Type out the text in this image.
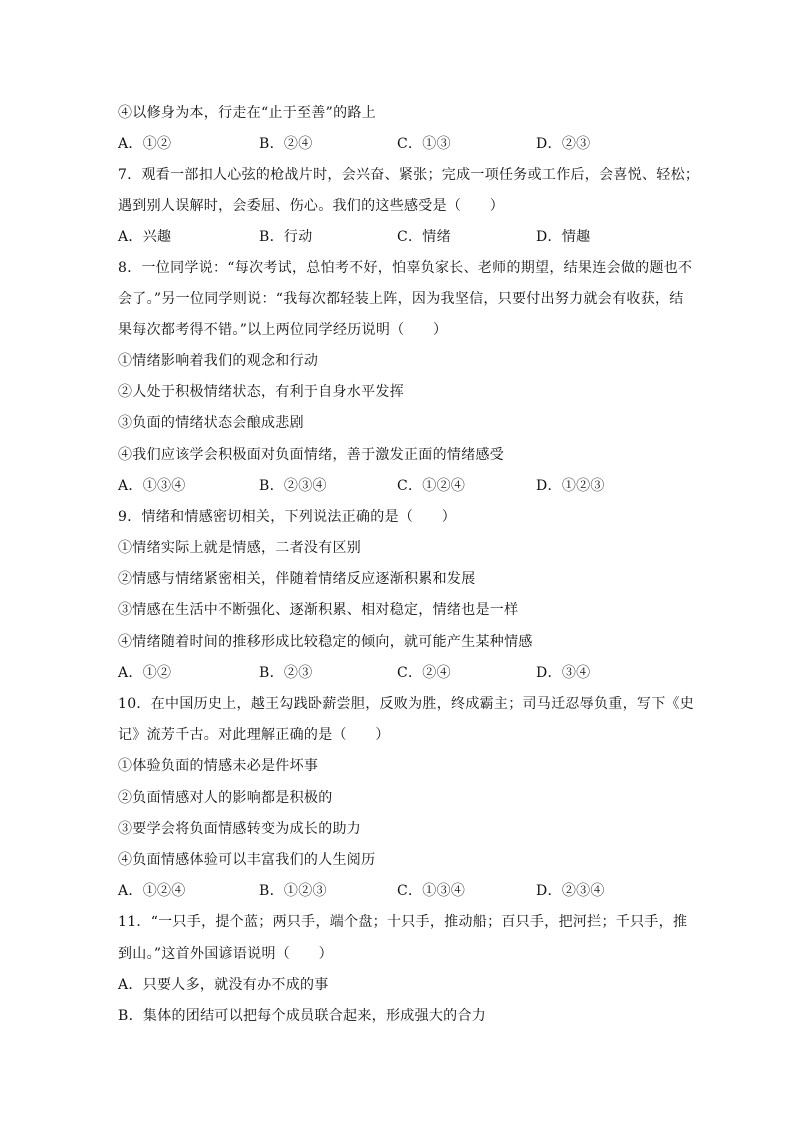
④以修身为本，行走在“止于至善”的路上
A．①②	B．②④	C．①③	D．②③
7．观看一部扣人心弦的枪战片时，会兴奋、紧张；完成一项任务或工作后，会喜悦、轻松；
遇到别人误解时，会委屈、伤心。我们的这些感受是（　　）
A．兴趣	B．行动	C．情绪	D．情趣
8．一位同学说：“每次考试，总怕考不好，怕辜负家长、老师的期望，结果连会做的题也不
会了。”另一位同学则说：“我每次都轻装上阵，因为我坚信，只要付出努力就会有收获，结
果每次都考得不错。”以上两位同学经历说明（　　）
①情绪影响着我们的观念和行动
②人处于积极情绪状态，有利于自身水平发挥
③负面的情绪状态会酿成悲剧
④我们应该学会积极面对负面情绪，善于激发正面的情绪感受
A．①③④	B．②③④	C．①②④	D．①②③
9．情绪和情感密切相关，下列说法正确的是（　　）
①情绪实际上就是情感，二者没有区别
②情感与情绪紧密相关，伴随着情绪反应逐渐积累和发展
③情感在生活中不断强化、逐渐积累、相对稳定，情绪也是一样
④情绪随着时间的推移形成比较稳定的倾向，就可能产生某种情感
A．①②	B．②③	C．②④	D．③④
10．在中国历史上，越王勾践卧薪尝胆，反败为胜，终成霸主；司马迁忍辱负重，写下《史
记》流芳千古。对此理解正确的是（　　）
①体验负面的情感未必是件坏事
②负面情感对人的影响都是积极的
③要学会将负面情感转变为成长的助力
④负面情感体验可以丰富我们的人生阅历
A．①②④	B．①②③	C．①③④	D．②③④
11．“一只手，提个蓝；两只手，端个盘；十只手，推动船；百只手，把河拦；千只手，推
到山。”这首外国谚语说明（　　）
A．只要人多，就没有办不成的事
B．集体的团结可以把每个成员联合起来，形成强大的合力
